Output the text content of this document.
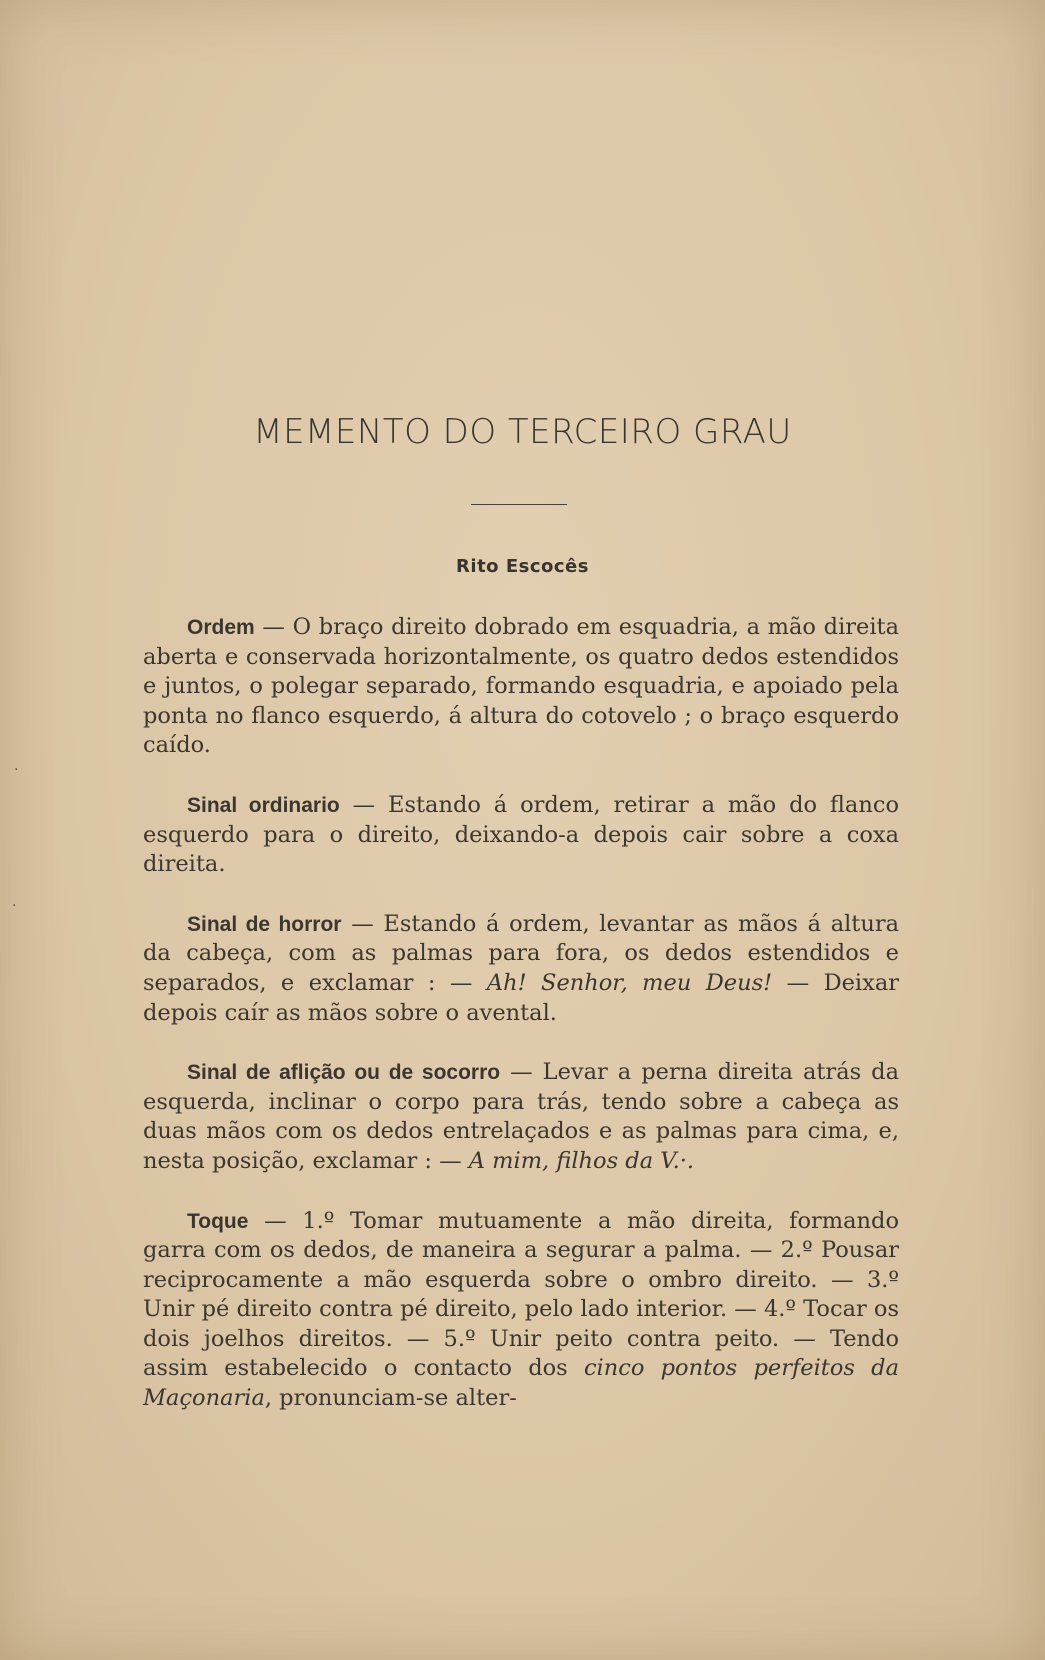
·
·
MEMENTO DO TERCEIRO GRAU
Rito Escocês

Ordem — O braço direito dobrado em esquadria, a mão direita aberta e conservada horizontalmente, os quatro dedos estendidos e juntos, o polegar separado, formando esquadria, e apoiado pela ponta no flanco esquerdo, á altura do cotovelo ; o braço esquerdo caído.

Sinal ordinario — Estando á ordem, retirar a mão do flanco esquerdo para o direito, deixando-a depois cair sobre a coxa direita.

Sinal de horror — Estando á ordem, levantar as mãos á altura da cabeça, com as palmas para fora, os dedos estendidos e separados, e exclamar : — Ah! Senhor, meu Deus! — Deixar depois caír as mãos sobre o avental.

Sinal de aflição ou de socorro — Levar a perna direita atrás da esquerda, inclinar o corpo para trás, tendo sobre a cabeça as duas mãos com os dedos entrelaçados e as palmas para cima, e, nesta posição, exclamar : — A mim, filhos da V.·.

Toque — 1.º Tomar mutuamente a mão direita, formando garra com os dedos, de maneira a segurar a palma. — 2.º Pousar reciprocamente a mão esquerda sobre o ombro direito. — 3.º Unir pé direito contra pé direito, pelo lado interior. — 4.º Tocar os dois joelhos direitos. — 5.º Unir peito contra peito. — Tendo assim estabelecido o contacto dos cinco pontos perfeitos da Maçonaria, pronunciam-se alter-
